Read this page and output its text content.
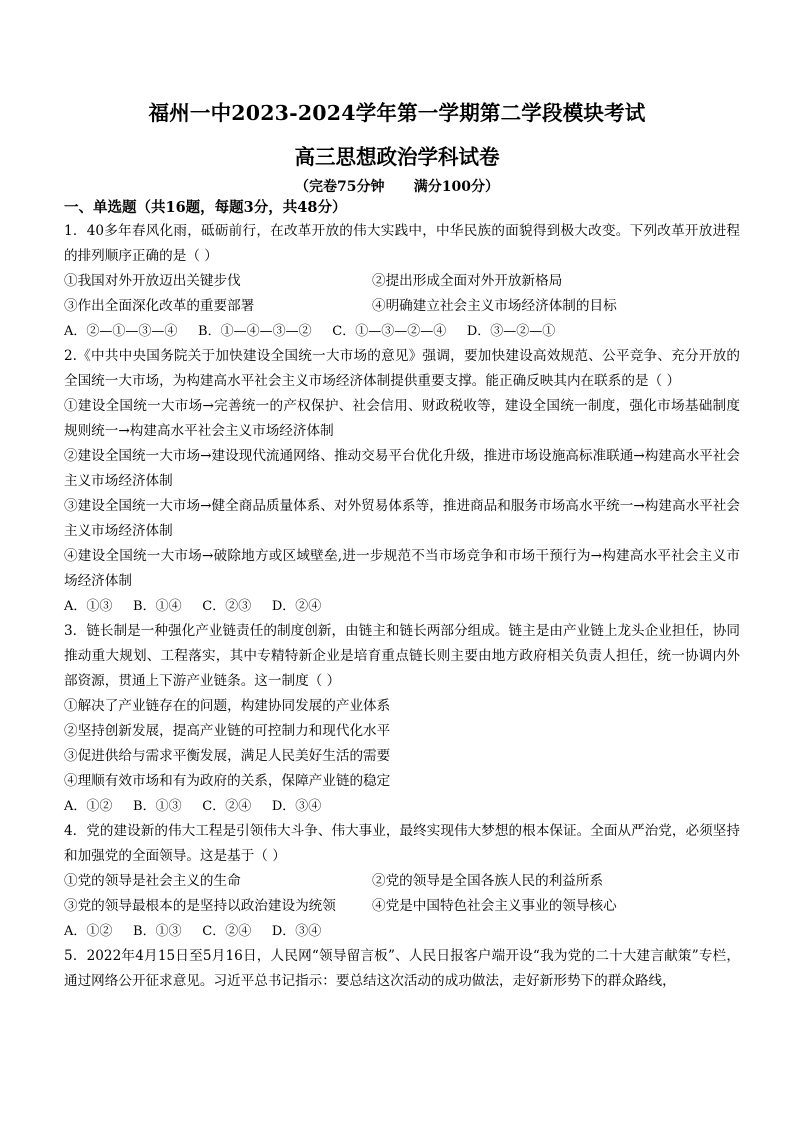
福州一中2023-2024学年第一学期第二学段模块考试
高三思想政治学科试卷
（完卷75分钟      满分100分）
一、单选题（共16题，每题3分，共48分）

1．40多年春风化雨，砥砺前行，在改革开放的伟大实践中，中华民族的面貌得到极大改变。下列改革开放进程的排列顺序正确的是（ ）

①我国对外开放迈出关键步伐	②提出形成全面对外开放新格局
③作出全面深化改革的重要部署	④明确建立社会主义市场经济体制的目标
A．②—①—③—④     B．①—④—③—②     C．①—③—②—④     D．③—②—①

2.《中共中央国务院关于加快建设全国统一大市场的意见》强调，要加快建设高效规范、公平竞争、充分开放的全国统一大市场，为构建高水平社会主义市场经济体制提供重要支撑。能正确反映其内在联系的是（ ）

①建设全国统一大市场→完善统一的产权保护、社会信用、财政税收等，建设全国统一制度，强化市场基础制度规则统一→构建高水平社会主义市场经济体制

②建设全国统一大市场→建设现代流通网络、推动交易平台优化升级，推进市场设施高标准联通→构建高水平社会主义市场经济体制

③建设全国统一大市场→健全商品质量体系、对外贸易体系等，推进商品和服务市场高水平统一→构建高水平社会主义市场经济体制

④建设全国统一大市场→破除地方或区域壁垒,进一步规范不当市场竞争和市场干预行为→构建高水平社会主义市场经济体制

A．①③     B．①④     C．②③     D．②④

3．链长制是一种强化产业链责任的制度创新，由链主和链长两部分组成。链主是由产业链上龙头企业担任，协同推动重大规划、工程落实，其中专精特新企业是培育重点链长则主要由地方政府相关负责人担任，统一协调内外部资源，贯通上下游产业链条。这一制度（ ）

①解决了产业链存在的问题，构建协同发展的产业体系
②坚持创新发展，提高产业链的可控制力和现代化水平
③促进供给与需求平衡发展，满足人民美好生活的需要
④理顺有效市场和有为政府的关系，保障产业链的稳定
A．①②     B．①③     C．②④     D．③④

4．党的建设新的伟大工程是引领伟大斗争、伟大事业，最终实现伟大梦想的根本保证。全面从严治党，必须坚持和加强党的全面领导。这是基于（ ）

①党的领导是社会主义的生命	②党的领导是全国各族人民的利益所系
③党的领导最根本的是坚持以政治建设为统领	④党是中国特色社会主义事业的领导核心
A．①②     B．①③     C．②④     D．③④

5．2022年4月15日至5月16日，人民网“领导留言板”、人民日报客户端开设“我为党的二十大建言献策”专栏，通过网络公开征求意见。习近平总书记指示：要总结这次活动的成功做法，走好新形势下的群众路线，
